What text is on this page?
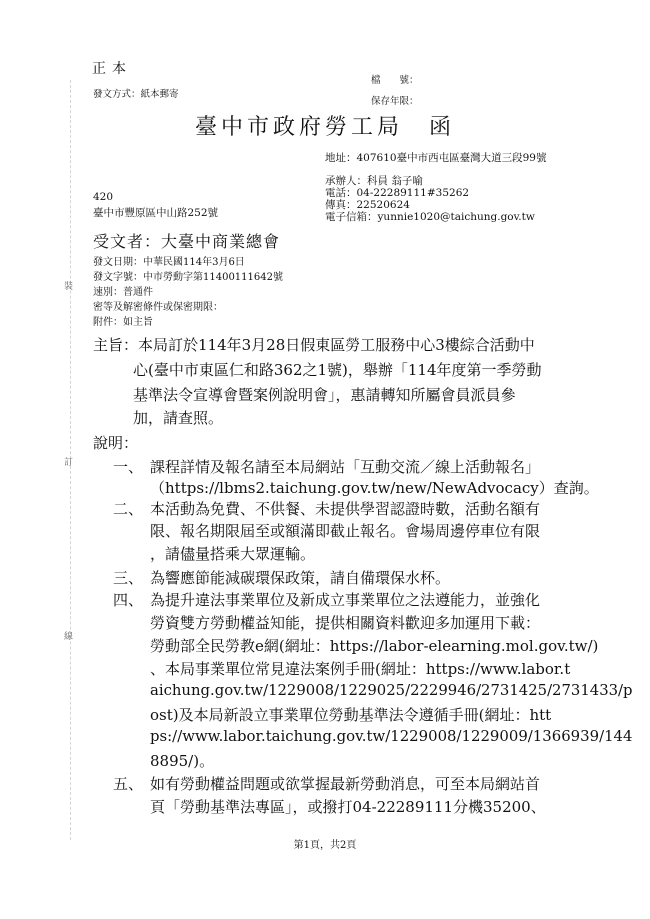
裝
訂
線
正本
發文方式：紙本郵寄
檔　　號：
保存年限：
臺中市政府勞工局　函
地址：407610臺中市西屯區臺灣大道三段99號
承辦人：科員 翁子喻
電話：04-22289111#35262
傳真：22520624
電子信箱：yunnie1020@taichung.gov.tw
420
臺中市豐原區中山路252號
受文者：大臺中商業總會
發文日期：中華民國114年3月6日
發文字號：中市勞動字第11400111642號
速別：普通件
密等及解密條件或保密期限：
附件：如主旨
主旨：本局訂於114年3月28日假東區勞工服務中心3樓綜合活動中
心(臺中市東區仁和路362之1號)，舉辦「114年度第一季勞動
基準法令宣導會暨案例說明會」，惠請轉知所屬會員派員參
加，請查照。
說明：
一、 課程詳情及報名請至本局網站「互動交流／線上活動報名」
（https://lbms2.taichung.gov.tw/new/NewAdvocacy）查詢。
二、 本活動為免費、不供餐、未提供學習認證時數，活動名額有
限、報名期限屆至或額滿即截止報名。會場周邊停車位有限
，請儘量搭乘大眾運輸。
三、 為響應節能減碳環保政策，請自備環保水杯。
四、 為提升違法事業單位及新成立事業單位之法遵能力，並強化
勞資雙方勞動權益知能，提供相關資料歡迎多加運用下載：
勞動部全民勞教e網(網址：https://labor-elearning.mol.gov.tw/)
、本局事業單位常見違法案例手冊(網址：https://www.labor.t
aichung.gov.tw/1229008/1229025/2229946/2731425/2731433/p
ost)及本局新設立事業單位勞動基準法令遵循手冊(網址：htt
ps://www.labor.taichung.gov.tw/1229008/1229009/1366939/144
8895/)。
五、 如有勞動權益問題或欲掌握最新勞動消息，可至本局網站首
頁「勞動基準法專區」，或撥打04-22289111分機35200、
第1頁，共2頁
